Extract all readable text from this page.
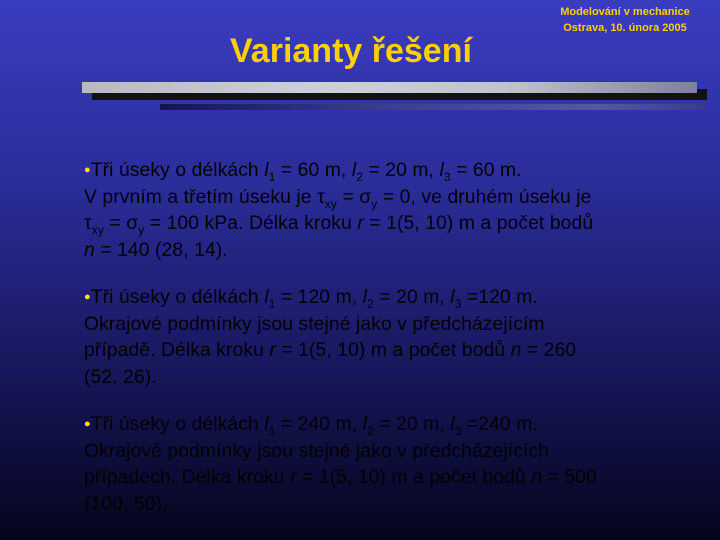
Modelování v mechanice
Ostrava, 10. února 2005
Varianty řešení
●Tři úseky o délkách $l_1 = 60$ m, $l_2 = 20$ m, $l_3 = 60$ m.
V prvním a třetím úseku je $\tau_{xy} = \sigma_y = 0$, ve druhém úseku je
$\tau_{xy} = \sigma_y = 100$ kPa. Délka kroku r = 1(5, 10) m a počet bodů
n = 140 (28, 14).
●Tři úseky o délkách $l_1 = 120$ m, $l_2 = 20$ m, $l_3 =120$ m.
Okrajové podmínky jsou stejné jako v předcházejícím
případě. Délka kroku r = 1(5, 10) m a počet bodů n = 260
(52, 26).
●Tři úseky o délkách $l_1 = 240$ m, $l_2 = 20$ m, $l_3 =240$ m.
Okrajové podmínky jsou stejné jako v předcházejících
případech. Délka kroku r = 1(5, 10) m a počet bodů n = 500
(100, 50).
